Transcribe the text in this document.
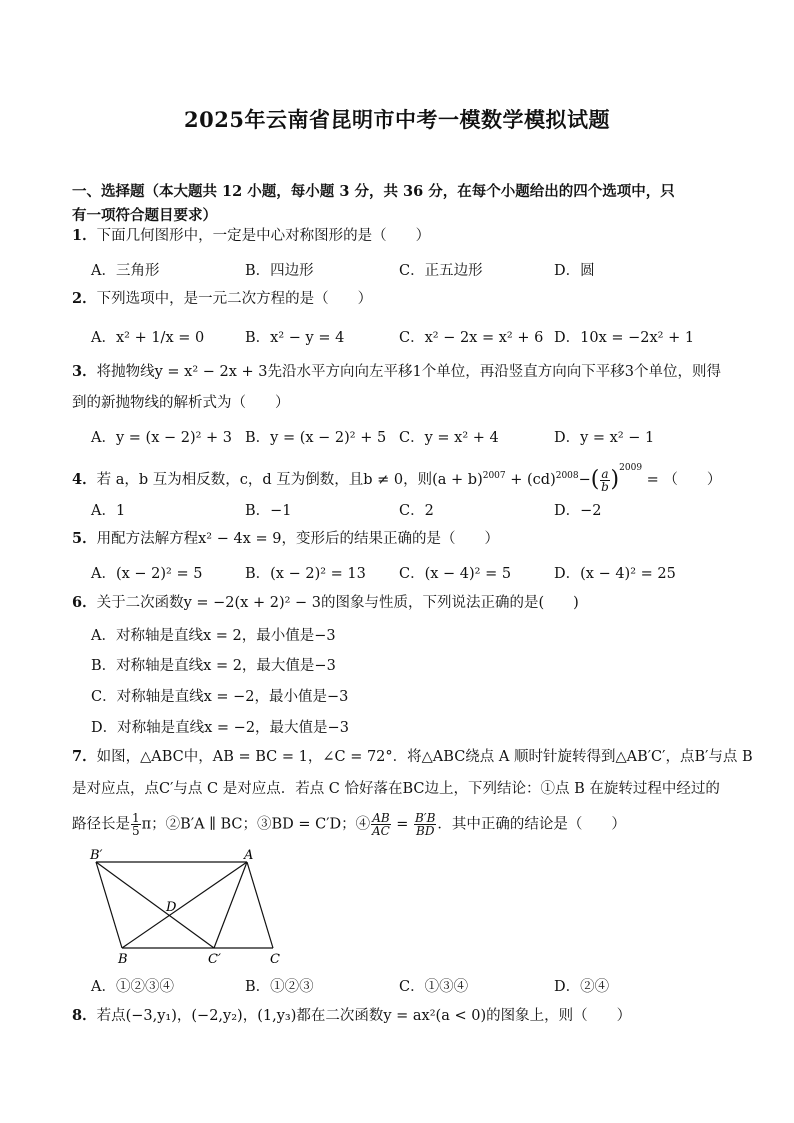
2025年云南省昆明市中考一模数学模拟试题
一、选择题（本大题共 12 小题，每小题 3 分，共 36 分，在每个小题给出的四个选项中，只
有一项符合题目要求）
1．下面几何图形中，一定是中心对称图形的是（　　）
A．三角形	B．四边形	C．正五边形	D．圆
2．下列选项中，是一元二次方程的是（　　）
A．x² + 1/x = 0	B．x² − y = 4	C．x² − 2x = x² + 6 D．10x = −2x² + 1
3．将抛物线y = x² − 2x + 3先沿水平方向向左平移1个单位，再沿竖直方向向下平移3个单位，则得
到的新抛物线的解析式为（　　）
A．y = (x − 2)² + 3 B．y = (x − 2)² + 5 C．y = x² + 4	D．y = x² − 1
4．若 a，b 互为相反数，c，d 互为倒数，且b ≠ 0，则$(a + b)^{2007} + (cd)^{2008}-( \frac{a}{b} )^{2009}$ = （　　）
A．1	B．−1	C．2	D．−2
5．用配方法解方程x² − 4x = 9，变形后的结果正确的是（　　）
A．(x − 2)² = 5	B．(x − 2)² = 13 C．(x − 4)² = 5	D．(x − 4)² = 25
6．关于二次函数y = −2(x + 2)² − 3的图象与性质，下列说法正确的是(　　)
A．对称轴是直线x = 2，最小值是−3
B．对称轴是直线x = 2，最大值是−3
C．对称轴是直线x = −2，最小值是−3
D．对称轴是直线x = −2，最大值是−3
7．如图，△ABC中，AB = BC = 1，∠C = 72°．将△ABC绕点 A 顺时针旋转得到△AB′C′，点B′与点 B
是对应点，点C′与点 C 是对应点．若点 C 恰好落在BC边上，下列结论：①点 B 在旋转过程中经过的
路径长是 $\frac{1}{5}$ π；②B′A ∥ BC；③BD = C′D；④ $\frac{AB}{AC} = \frac{B'B}{BD}$ ．其中正确的结论是（　　）
B′	A
D
B	C′	C
A．①②③④	B．①②③	C．①③④	D．②④
8．若点(−3,y₁)，(−2,y₂)，(1,y₃)都在二次函数y = ax²(a < 0)的图象上，则（　　）
